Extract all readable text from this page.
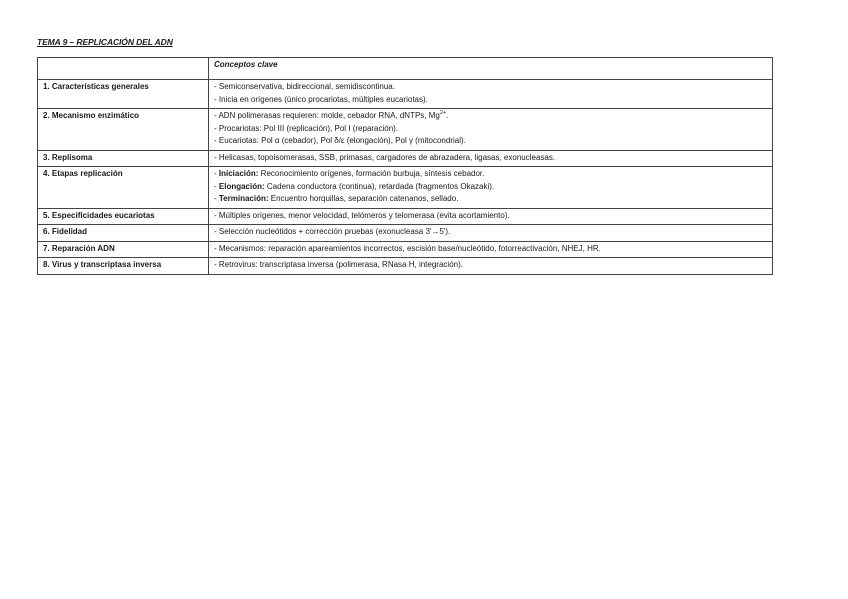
TEMA 9 – REPLICACIÓN DEL ADN
	Conceptos clave
1. Características generales	- Semiconservativa, bidireccional, semidiscontinua.
- Inicia en orígenes (único procariotas, múltiples eucariotas).

2. Mecanismo enzimático	- ADN polimerasas requieren: molde, cebador RNA, dNTPs, $Mg^{2+}$.
- Procariotas: Pol III (replicación), Pol I (reparación).
- Eucariotas: Pol α (cebador), Pol δ/ε (elongación), Pol γ (mitocondrial).

3. Replisoma	- Helicasas, topoisomerasas, SSB, primasas, cargadores de abrazadera, ligasas, exonucleasas.

4. Etapas replicación	- Iniciación: Reconocimiento orígenes, formación burbuja, síntesis cebador.
- Elongación: Cadena conductora (continua), retardada (fragmentos Okazaki).
- Terminación: Encuentro horquillas, separación catenanos, sellado.

5. Especificidades eucariotas	- Múltiples orígenes, menor velocidad, telómeros y telomerasa (evita acortamiento).

6. Fidelidad	- Selección nucleótidos + corrección pruebas (exonucleasa 3'→5').

7. Reparación ADN	- Mecanismos: reparación apareamientos incorrectos, escisión base/nucleótido, fotorreactivación, NHEJ, HR.

8. Virus y transcriptasa inversa	- Retrovirus: transcriptasa inversa (polimerasa, RNasa H, integración).
